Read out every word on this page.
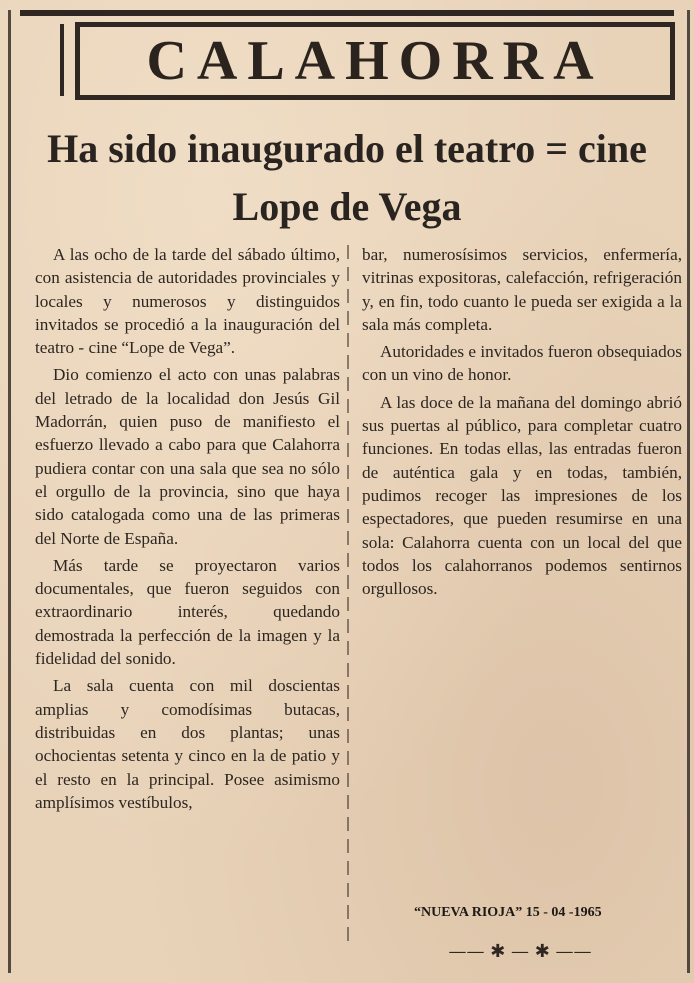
CALAHORRA
Ha sido inaugurado el teatro = cine Lope de Vega

A las ocho de la tarde del sábado último, con asistencia de autoridades provinciales y locales y numerosos y distinguidos invitados se procedió a la inauguración del teatro - cine “Lope de Vega”.

Dio comienzo el acto con unas palabras del letrado de la localidad don Jesús Gil Madorrán, quien puso de manifiesto el esfuerzo llevado a cabo para que Calahorra pudiera contar con una sala que sea no sólo el orgullo de la provincia, sino que haya sido catalogada como una de las primeras del Norte de España.

Más tarde se proyectaron varios documentales, que fueron seguidos con extraordinario interés, quedando demostrada la perfección de la imagen y la fidelidad del sonido.

La sala cuenta con mil doscientas amplias y comodísimas butacas, distribuidas en dos plantas; unas ochocientas setenta y cinco en la de patio y el resto en la principal. Posee asimismo amplísimos vestíbulos,

bar, numerosísimos servicios, enfermería, vitrinas expositoras, calefacción, refrigeración y, en fin, todo cuanto le pueda ser exigida a la sala más completa.

Autoridades e invitados fueron obsequiados con un vino de honor.

A las doce de la mañana del domingo abrió sus puertas al público, para completar cuatro funciones. En todas ellas, las entradas fueron de auténtica gala y en todas, también, pudimos recoger las impresiones de los espectadores, que pueden resumirse en una sola: Calahorra cuenta con un local del que todos los calahorranos podemos sentirnos orgullosos.

“NUEVA RIOJA” 15 - 04 -1965
—— ✱ — ✱ ——
